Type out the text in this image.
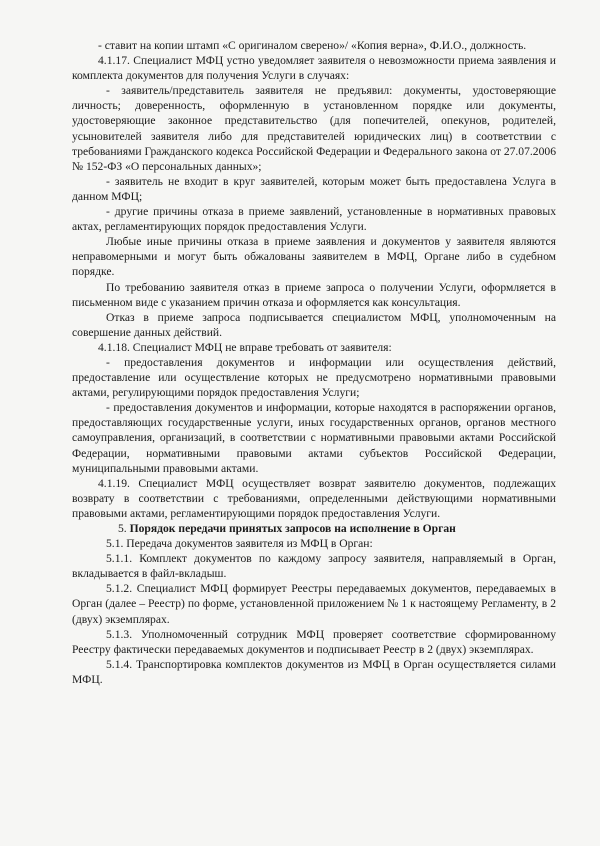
- ставит на копии штамп «С оригиналом сверено»/ «Копия верна», Ф.И.О., должность.

4.1.17. Специалист МФЦ устно уведомляет заявителя о невозможности приема заявления и комплекта документов для получения Услуги в случаях:

- заявитель/представитель заявителя не предъявил: документы, удостоверяющие личность; доверенность, оформленную в установленном порядке или документы, удостоверяющие законное представительство (для попечителей, опекунов, родителей, усыновителей заявителя либо для представителей юридических лиц) в соответствии с требованиями Гражданского кодекса Российской Федерации и Федерального закона от 27.07.2006 № 152-ФЗ «О персональных данных»;

- заявитель не входит в круг заявителей, которым может быть предоставлена Услуга в данном МФЦ;

- другие причины отказа в приеме заявлений, установленные в нормативных правовых актах, регламентирующих порядок предоставления Услуги.

Любые иные причины отказа в приеме заявления и документов у заявителя являются неправомерными и могут быть обжалованы заявителем в МФЦ, Органе либо в судебном порядке.

По требованию заявителя отказ в приеме запроса о получении Услуги, оформляется в письменном виде с указанием причин отказа и оформляется как консультация.

Отказ в приеме запроса подписывается специалистом МФЦ, уполномоченным на совершение данных действий.

4.1.18. Специалист МФЦ не вправе требовать от заявителя:

- предоставления документов и информации или осуществления действий, предоставление или осуществление которых не предусмотрено нормативными правовыми актами, регулирующими порядок предоставления Услуги;

- предоставления документов и информации, которые находятся в распоряжении органов, предоставляющих государственные услуги, иных государственных органов, органов местного самоуправления, организаций, в соответствии с нормативными правовыми актами Российской Федерации, нормативными правовыми актами субъектов Российской Федерации, муниципальными правовыми актами.

4.1.19. Специалист МФЦ осуществляет возврат заявителю документов, подлежащих возврату в соответствии с требованиями, определенными действующими нормативными правовыми актами, регламентирующими порядок предоставления Услуги.

5. Порядок передачи принятых запросов на исполнение в Орган

5.1. Передача документов заявителя из МФЦ в Орган:

5.1.1. Комплект документов по каждому запросу заявителя, направляемый в Орган, вкладывается в файл-вкладыш.

5.1.2. Специалист МФЦ формирует Реестры передаваемых документов, передаваемых в Орган (далее – Реестр) по форме, установленной приложением № 1 к настоящему Регламенту, в 2 (двух) экземплярах.

5.1.3. Уполномоченный сотрудник МФЦ проверяет соответствие сформированному Реестру фактически передаваемых документов и подписывает Реестр в 2 (двух) экземплярах.

5.1.4. Транспортировка комплектов документов из МФЦ в Орган осуществляется силами МФЦ.
